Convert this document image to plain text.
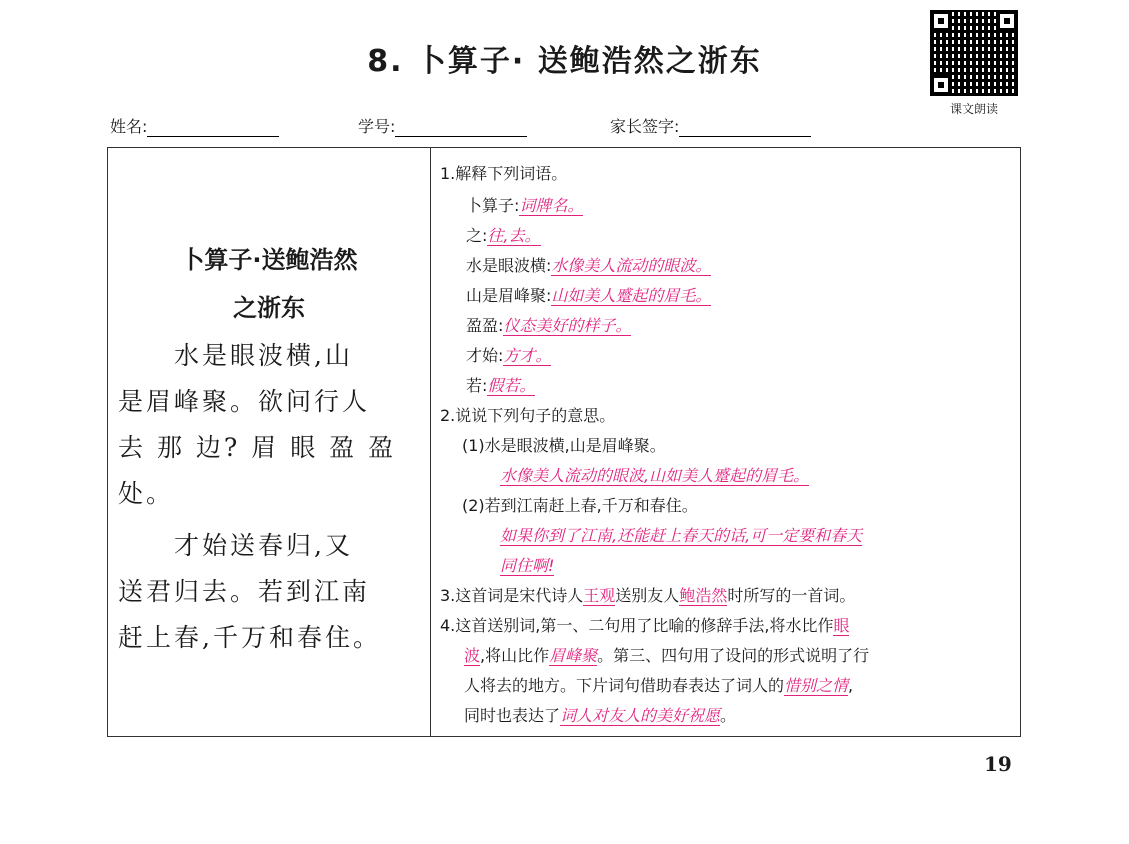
8. 卜算子· 送鲍浩然之浙东
课文朗读
姓名:	学号:	家长签字:
卜算子·送鲍浩然
之浙东
　　水是眼波横,山
是眉峰聚。欲问行人
去 那 边? 眉 眼 盈 盈
处。
　　才始送春归,又
送君归去。若到江南
赶上春,千万和春住。
1.解释下列词语。
卜算子:词牌名。
之:往,去。
水是眼波横:水像美人流动的眼波。
山是眉峰聚:山如美人蹙起的眉毛。
盈盈:仪态美好的样子。
才始:方才。
若:假若。
2.说说下列句子的意思。
(1)水是眼波横,山是眉峰聚。
水像美人流动的眼波,山如美人蹙起的眉毛。
(2)若到江南赶上春,千万和春住。
如果你到了江南,还能赶上春天的话,可一定要和春天
同住啊!
3.这首词是宋代诗人王观送别友人鲍浩然时所写的一首词。
4.这首送别词,第一、二句用了比喻的修辞手法,将水比作眼
波,将山比作眉峰聚。第三、四句用了设问的形式说明了行
人将去的地方。下片词句借助春表达了词人的惜别之情,
同时也表达了词人对友人的美好祝愿。
19
